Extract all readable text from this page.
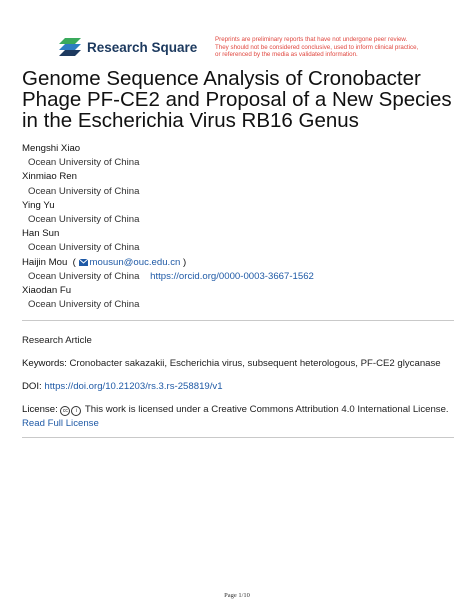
Research Square	Preprints are preliminary reports that have not undergone peer review.
They should not be considered conclusive, used to inform clinical practice,
or referenced by the media as validated information.
Genome Sequence Analysis of Cronobacter Phage PF-CE2 and Proposal of a New Species in the Escherichia Virus RB16 Genus
Mengshi Xiao
Ocean University of China
Xinmiao Ren
Ocean University of China
Ying Yu
Ocean University of China
Han Sun
Ocean University of China
Haijin Mou  ( mousun@ouc.edu.cn )
Ocean University of China https://orcid.org/0000-0003-3667-1562
Xiaodan Fu
Ocean University of China
Research Article
Keywords: Cronobacter sakazakii, Escherichia virus, subsequent heterologous, PF-CE2 glycanase
DOI: https://doi.org/10.21203/rs.3.rs-258819/v1
License: cc i This work is licensed under a Creative Commons Attribution 4.0 International License.
Read Full License
Page 1/10
